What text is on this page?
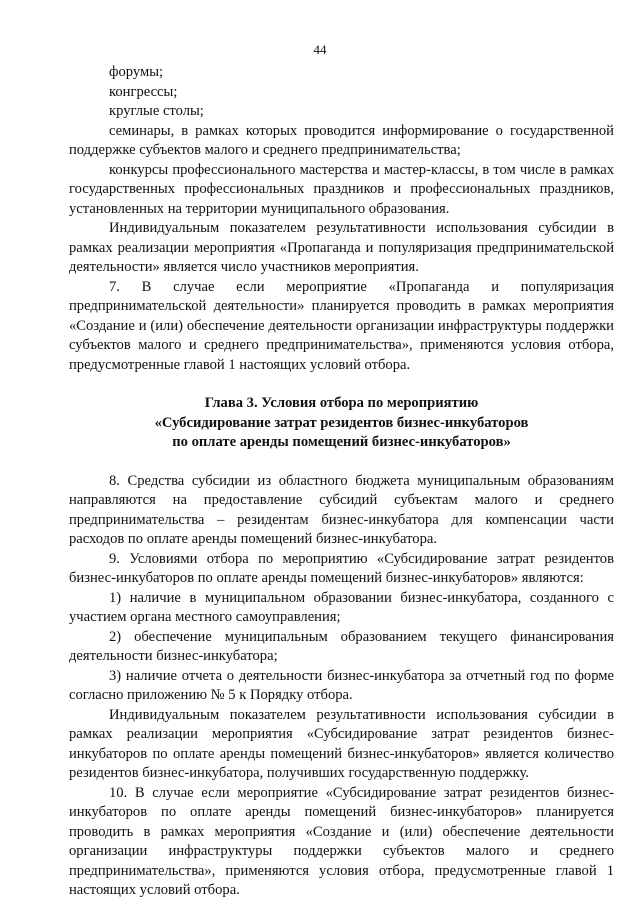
44

форумы;

конгрессы;

круглые столы;

семинары, в рамках которых проводится информирование о государственной поддержке субъектов малого и среднего предпринимательства;

конкурсы профессионального мастерства и мастер-классы, в том числе в рамках государственных профессиональных праздников и профессиональных праздников, установленных на территории муниципального образования.

Индивидуальным показателем результативности использования субсидии в рамках реализации мероприятия «Пропаганда и популяризация предпринимательской деятельности» является число участников мероприятия.

7. В случае если мероприятие «Пропаганда и популяризация предпринимательской деятельности» планируется проводить в рамках мероприятия «Создание и (или) обеспечение деятельности организации инфраструктуры поддержки субъектов малого и среднего предпринимательства», применяются условия отбора, предусмотренные главой 1 настоящих условий отбора.

Глава 3. Условия отбора по мероприятию
«Субсидирование затрат резидентов бизнес-инкубаторов
по оплате аренды помещений бизнес-инкубаторов»

8. Средства субсидии из областного бюджета муниципальным образованиям направляются на предоставление субсидий субъектам малого и среднего предпринимательства – резидентам бизнес-инкубатора для компенсации части расходов по оплате аренды помещений бизнес-инкубатора.

9. Условиями отбора по мероприятию «Субсидирование затрат резидентов бизнес-инкубаторов по оплате аренды помещений бизнес-инкубаторов» являются:

1) наличие в муниципальном образовании бизнес-инкубатора, созданного с участием органа местного самоуправления;

2) обеспечение муниципальным образованием текущего финансирования деятельности бизнес-инкубатора;

3) наличие отчета о деятельности бизнес-инкубатора за отчетный год по форме согласно приложению № 5 к Порядку отбора.

Индивидуальным показателем результативности использования субсидии в рамках реализации мероприятия «Субсидирование затрат резидентов бизнес-инкубаторов по оплате аренды помещений бизнес-инкубаторов» является количество резидентов бизнес-инкубатора, получивших государственную поддержку.

10. В случае если мероприятие «Субсидирование затрат резидентов бизнес-инкубаторов по оплате аренды помещений бизнес-инкубаторов» планируется проводить в рамках мероприятия «Создание и (или) обеспечение деятельности организации инфраструктуры поддержки субъектов малого и среднего предпринимательства», применяются условия отбора, предусмотренные главой 1 настоящих условий отбора.
